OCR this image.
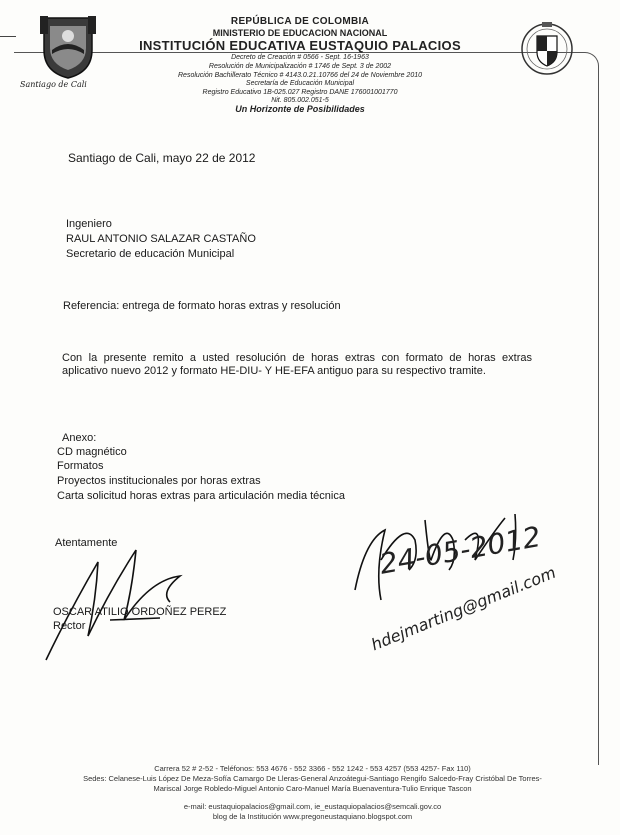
Santiago de Cali
REPÚBLICA DE COLOMBIA
MINISTERIO DE EDUCACION NACIONAL
INSTITUCIÓN EDUCATIVA EUSTAQUIO PALACIOS
Decreto de Creación # 0566 - Sept. 16-1963
Resolución de Municipalización # 1746 de Sept. 3 de 2002
Resolución Bachillerato Técnico # 4143.0.21.10766 del 24 de Noviembre 2010
Secretaría de Educación Municipal
Registro Educativo 1B-025.027 Registro DANE 176001001770
Nit. 805.002.051-5
Un Horizonte de Posibilidades
Santiago de Cali, mayo 22 de 2012
Ingeniero
RAUL ANTONIO SALAZAR CASTAÑO
Secretario de educación Municipal
Referencia: entrega de formato horas extras y resolución
Con la presente remito a usted resolución de horas extras con formato de horas extras aplicativo nuevo 2012 y formato HE-DIU- Y HE-EFA antiguo para su respectivo tramite.
Anexo:
CD magnético
Formatos
Proyectos institucionales por horas extras
Carta solicitud horas extras para articulación media técnica
Atentamente
OSCAR ATILIO ORDOÑEZ PEREZ
Rector
24-05-2012
hdejmarting@gmail.com
Carrera 52 # 2-52 - Teléfonos: 553 4676 - 552 3366 - 552 1242 - 553 4257 (553 4257- Fax 110)
Sedes: Celanese-Luis López De Meza-Sofía Camargo De Lleras-General Anzoátegui-Santiago Rengifo Salcedo-Fray Cristóbal De Torres-
Mariscal Jorge Robledo-Miguel Antonio Caro-Manuel María Buenaventura-Tulio Enrique Tascon
e-mail: eustaquiopalacios@gmail.com, ie_eustaquiopalacios@semcali.gov.co
blog de la Institución www.pregoneustaquiano.blogspot.com
